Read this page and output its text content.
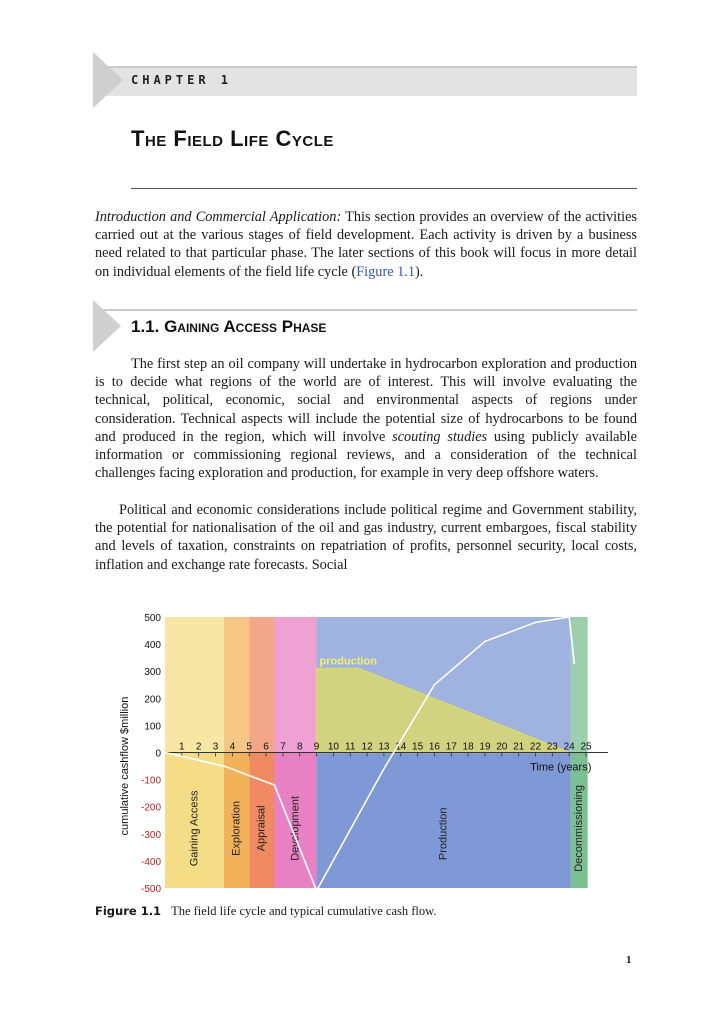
CHAPTER 1
The Field Life Cycle
Introduction and Commercial Application: This section provides an overview of the activities carried out at the various stages of field development. Each activity is driven by a business need related to that particular phase. The later sections of this book will focus in more detail on individual elements of the field life cycle (Figure 1.1).
1.1. Gaining Access Phase
The first step an oil company will undertake in hydrocarbon exploration and production is to decide what regions of the world are of interest. This will involve evaluating the technical, political, economic, social and environmental aspects of regions under consideration. Technical aspects will include the potential size of hydrocarbons to be found and produced in the region, which will involve scouting studies using publicly available information or commissioning regional reviews, and a consideration of the technical challenges facing exploration and production, for example in very deep offshore waters.
Political and economic considerations include political regime and Government stability, the potential for nationalisation of the oil and gas industry, current embargoes, fiscal stability and levels of taxation, constraints on repatriation of profits, personnel security, local costs, inflation and exchange rate forecasts. Social
Gaining Access	Exploration Appraisal Development	Production	Decommissioning
production
1 2 3 4 5 6 7 8 9 10 11 12 13 14 15 16 17 18 19 20 21 22 23 24 25
500
400
300
200
100
0
-100
-200
-300
-400
-500
Time (years)
cumulative cashflow $million
Figure 1.1 The field life cycle and typical cumulative cash flow.
1
